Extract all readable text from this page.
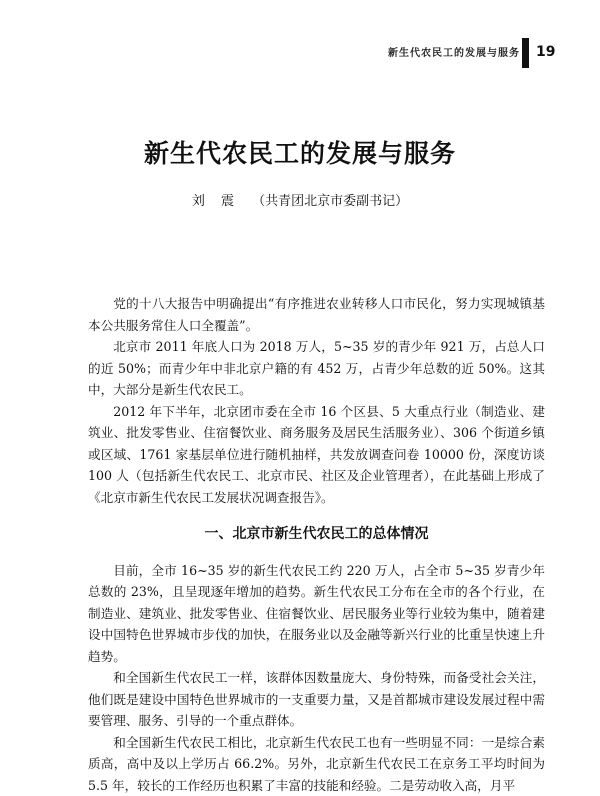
新生代农民工的发展与服务 19
新生代农民工的发展与服务
刘 震 （共青团北京市委副书记）

党的十八大报告中明确提出“有序推进农业转移人口市民化，努力实现城镇基本公共服务常住人口全覆盖”。

北京市 2011 年底人口为 2018 万人，5~35 岁的青少年 921 万，占总人口的近 50%；而青少年中非北京户籍的有 452 万，占青少年总数的近 50%。这其中，大部分是新生代农民工。

2012 年下半年，北京团市委在全市 16 个区县、5 大重点行业（制造业、建筑业、批发零售业、住宿餐饮业、商务服务及居民生活服务业）、306 个街道乡镇或区域、1761 家基层单位进行随机抽样，共发放调查问卷 10000 份，深度访谈 100 人（包括新生代农民工、北京市民、社区及企业管理者），在此基础上形成了《北京市新生代农民工发展状况调查报告》。

一、北京市新生代农民工的总体情况

目前，全市 16~35 岁的新生代农民工约 220 万人，占全市 5~35 岁青少年总数的 23%，且呈现逐年增加的趋势。新生代农民工分布在全市的各个行业，在制造业、建筑业、批发零售业、住宿餐饮业、居民服务业等行业较为集中，随着建设中国特色世界城市步伐的加快，在服务业以及金融等新兴行业的比重呈快速上升趋势。

和全国新生代农民工一样，该群体因数量庞大、身份特殊，而备受社会关注，他们既是建设中国特色世界城市的一支重要力量，又是首都城市建设发展过程中需要管理、服务、引导的一个重点群体。

和全国新生代农民工相比，北京新生代农民工也有一些明显不同：一是综合素质高，高中及以上学历占 66.2%。另外，北京新生代农民工在京务工平均时间为 5.5 年，较长的工作经历也积累了丰富的技能和经验。二是劳动收入高，月平
